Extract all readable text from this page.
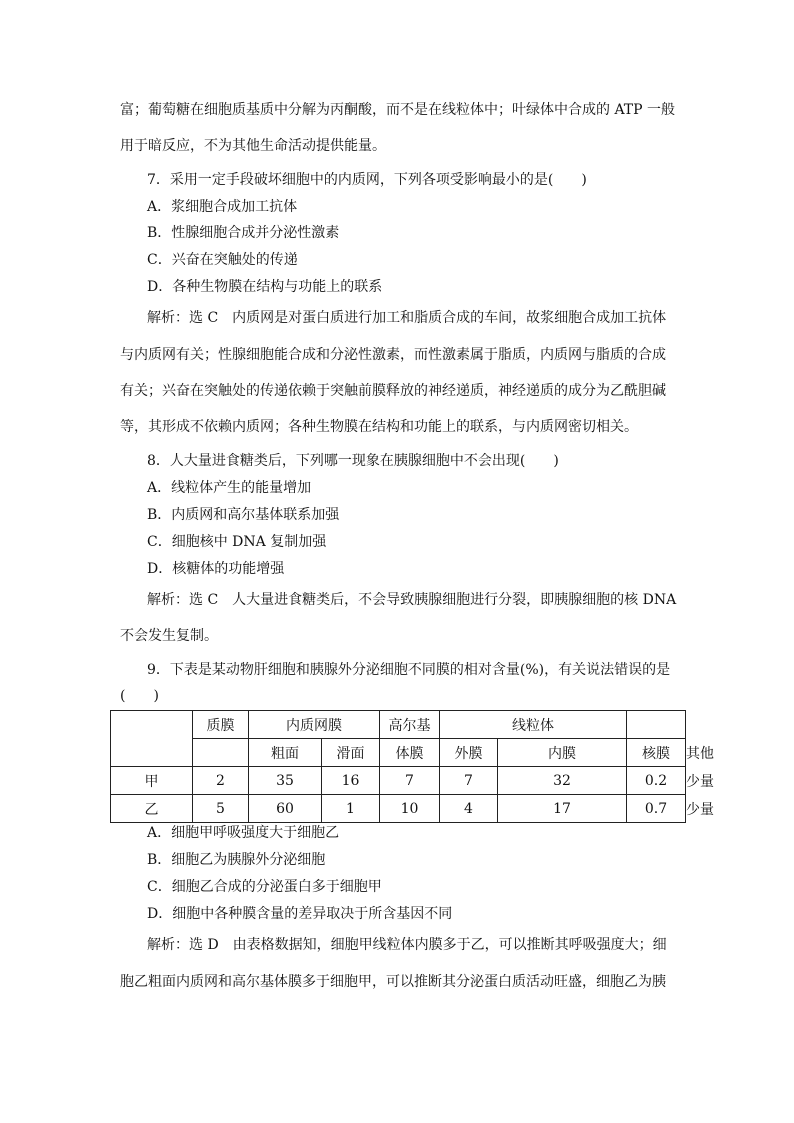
富；葡萄糖在细胞质基质中分解为丙酮酸，而不是在线粒体中；叶绿体中合成的 ATP 一般
用于暗反应，不为其他生命活动提供能量。
7．采用一定手段破坏细胞中的内质网，下列各项受影响最小的是(　　)
A．浆细胞合成加工抗体
B．性腺细胞合成并分泌性激素
C．兴奋在突触处的传递
D．各种生物膜在结构与功能上的联系
解析：选 C　内质网是对蛋白质进行加工和脂质合成的车间，故浆细胞合成加工抗体
与内质网有关；性腺细胞能合成和分泌性激素，而性激素属于脂质，内质网与脂质的合成
有关；兴奋在突触处的传递依赖于突触前膜释放的神经递质，神经递质的成分为乙酰胆碱
等，其形成不依赖内质网；各种生物膜在结构和功能上的联系，与内质网密切相关。
8．人大量进食糖类后，下列哪一现象在胰腺细胞中不会出现(　　)
A．线粒体产生的能量增加
B．内质网和高尔基体联系加强
C．细胞核中 DNA 复制加强
D．核糖体的功能增强
解析：选 C　人大量进食糖类后，不会导致胰腺细胞进行分裂，即胰腺细胞的核 DNA
不会发生复制。
9．下表是某动物肝细胞和胰腺外分泌细胞不同膜的相对含量(%)，有关说法错误的是
(　　)
	质膜	内质网膜		高尔基	线粒体			
		粗面	滑面	体膜	外膜	内膜	核膜	其他
甲	2	35	16	7	7	32	0.2	少量
乙	5	60	1	10	4	17	0.7	少量
A．细胞甲呼吸强度大于细胞乙
B．细胞乙为胰腺外分泌细胞
C．细胞乙合成的分泌蛋白多于细胞甲
D．细胞中各种膜含量的差异取决于所含基因不同
解析：选 D　由表格数据知，细胞甲线粒体内膜多于乙，可以推断其呼吸强度大；细
胞乙粗面内质网和高尔基体膜多于细胞甲，可以推断其分泌蛋白质活动旺盛，细胞乙为胰
